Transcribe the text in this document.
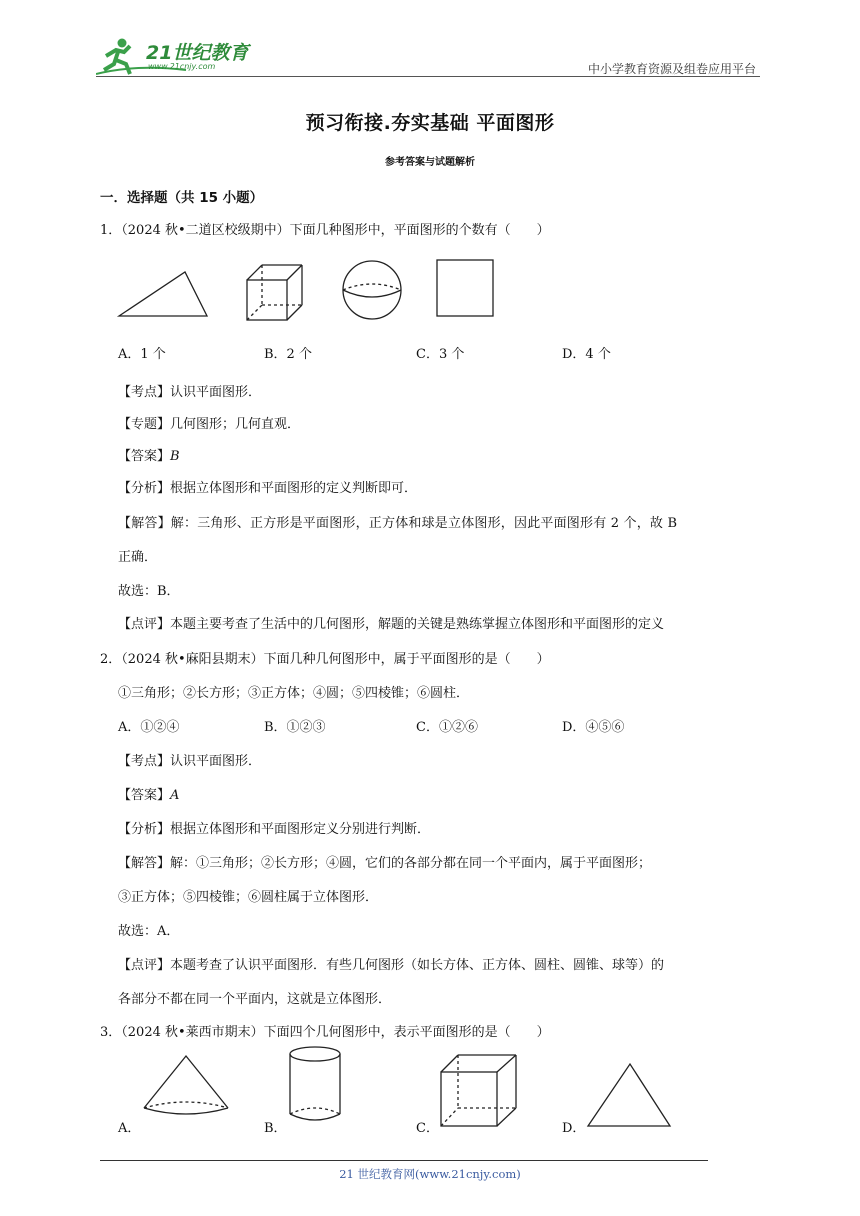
21世纪教育
www.21cnjy.com	中小学教育资源及组卷应用平台
预习衔接.夯实基础 平面图形
参考答案与试题解析
一．选择题（共 15 小题）
1．（2024 秋•二道区校级期中）下面几种图形中，平面图形的个数有（　　）
A．1 个	B．2 个	C．3 个	D．4 个
【考点】认识平面图形．
【专题】几何图形；几何直观．
【答案】B
【分析】根据立体图形和平面图形的定义判断即可．
【解答】解：三角形、正方形是平面图形，正方体和球是立体图形，因此平面图形有 2 个，故 B
正确．
故选：B．
【点评】本题主要考查了生活中的几何图形，解题的关键是熟练掌握立体图形和平面图形的定义
2．（2024 秋•麻阳县期末）下面几种几何图形中，属于平面图形的是（　　）
①三角形；②长方形；③正方体；④圆；⑤四棱锥；⑥圆柱．
A．①②④	B．①②③	C．①②⑥	D．④⑤⑥
【考点】认识平面图形．
【答案】A
【分析】根据立体图形和平面图形定义分别进行判断．
【解答】解：①三角形；②长方形；④圆，它们的各部分都在同一个平面内，属于平面图形；
③正方体；⑤四棱锥；⑥圆柱属于立体图形．
故选：A．
【点评】本题考查了认识平面图形．有些几何图形（如长方体、正方体、圆柱、圆锥、球等）的
各部分不都在同一个平面内，这就是立体图形．
3．（2024 秋•莱西市期末）下面四个几何图形中，表示平面图形的是（　　）
A．	B．	C．	D．
21 世纪教育网(www.21cnjy.com)
